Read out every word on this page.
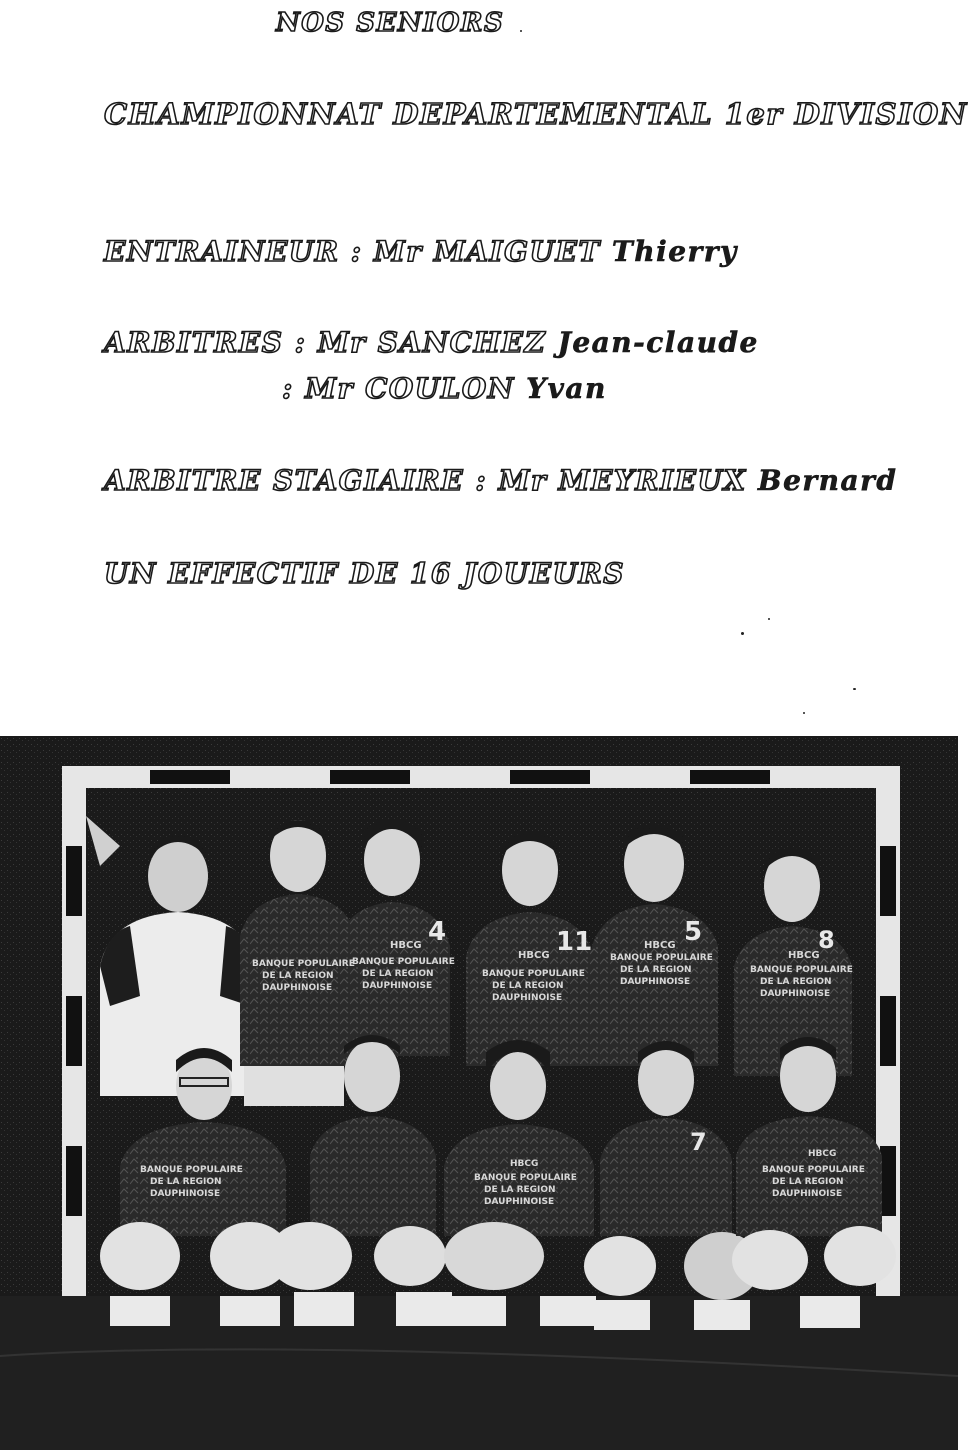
NOS SENIORS
CHAMPIONNAT DEPARTEMENTAL 1er DIVISION
ENTRAINEUR : Mr MAIGUET Thierry
ARBITRES : Mr SANCHEZ Jean-claude
: Mr COULON Yvan
ARBITRE STAGIAIRE : Mr MEYRIEUX Bernard
UN EFFECTIF DE 16 JOUEURS
4	11	5	8
HBCG
HBCG
HBCG
HBCG
BANQUE POPULAIRE
DE LA REGION
DAUPHINOISE
BANQUE POPULAIRE
DE LA REGION
DAUPHINOISE
BANQUE POPULAIRE
DE LA REGION
DAUPHINOISE
BANQUE POPULAIRE
DE LA REGION
DAUPHINOISE
BANQUE POPULAIRE
DE LA REGION
DAUPHINOISE
7
BANQUE POPULAIRE
DE LA REGION
DAUPHINOISE
HBCG
BANQUE POPULAIRE
DE LA REGION
DAUPHINOISE
HBCG
BANQUE POPULAIRE
DE LA REGION
DAUPHINOISE
